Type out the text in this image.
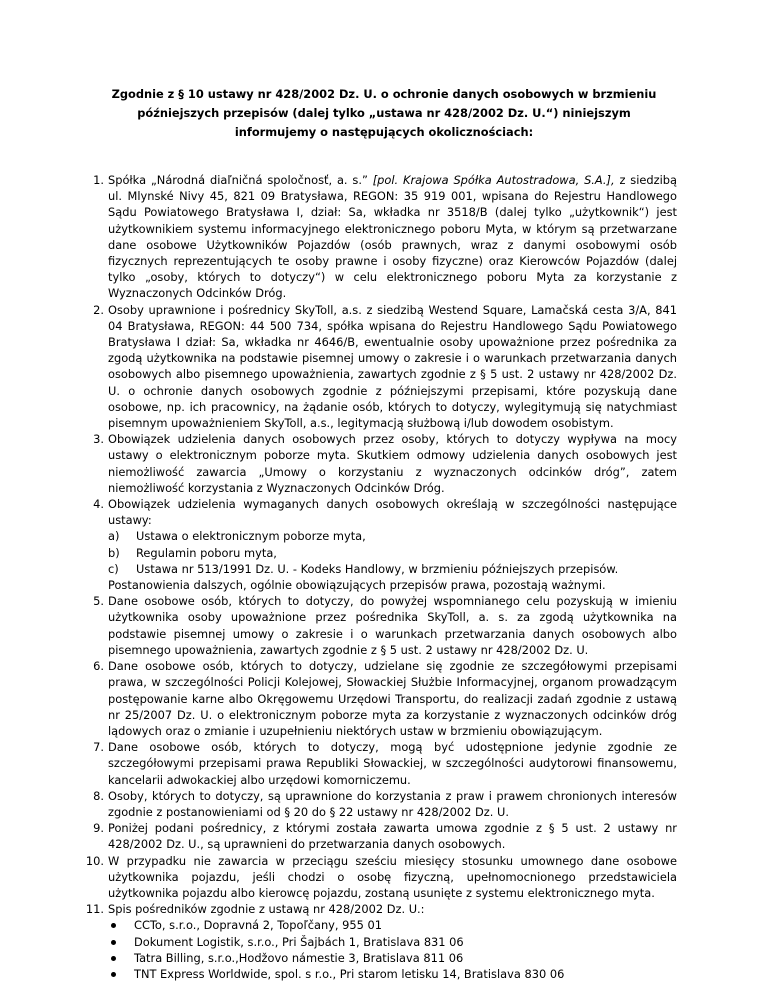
Zgodnie z § 10 ustawy nr 428/2002 Dz. U. o ochronie danych osobowych w brzmieniu

późniejszych przepisów (dalej tylko „ustawa nr 428/2002 Dz. U.“) niniejszym

informujemy o następujących okolicznościach:

1. Spółka „Národná diaľničná spoločnosť, a. s.” [pol. Krajowa Spółka Autostradowa, S.A.], z siedzibą ul. Mlynské Nivy 45, 821 09 Bratysława, REGON: 35 919 001, wpisana do Rejestru Handlowego Sądu Powiatowego Bratysława I, dział: Sa, wkładka nr 3518/B (dalej tylko „użytkownik“) jest użytkownikiem systemu informacyjnego elektronicznego poboru Myta, w którym są przetwarzane dane osobowe Użytkowników Pojazdów (osób prawnych, wraz z danymi osobowymi osób fizycznych reprezentujących te osoby prawne i osoby fizyczne) oraz Kierowców Pojazdów (dalej tylko „osoby, których to dotyczy“) w celu elektronicznego poboru Myta za korzystanie z Wyznaczonych Odcinków Dróg.
2. Osoby uprawnione i pośrednicy SkyToll, a.s. z siedzibą Westend Square, Lamačská cesta 3/A, 841 04 Bratysława, REGON: 44 500 734, spółka wpisana do Rejestru Handlowego Sądu Powiatowego Bratysława I dział: Sa, wkładka nr 4646/B, ewentualnie osoby upoważnione przez pośrednika za zgodą użytkownika na podstawie pisemnej umowy o zakresie i o warunkach przetwarzania danych osobowych albo pisemnego upoważnienia, zawartych zgodnie z § 5 ust. 2 ustawy nr 428/2002 Dz. U. o ochronie danych osobowych zgodnie z późniejszymi przepisami, które pozyskują dane osobowe, np. ich pracownicy, na żądanie osób, których to dotyczy, wylegitymują się natychmiast pisemnym upoważnieniem SkyToll, a.s., legitymacją służbową i/lub dowodem osobistym.
3. Obowiązek udzielenia danych osobowych przez osoby, których to dotyczy wypływa na mocy ustawy o elektronicznym poborze myta. Skutkiem odmowy udzielenia danych osobowych jest niemożliwość zawarcia „Umowy o korzystaniu z wyznaczonych odcinków dróg”, zatem niemożliwość korzystania z Wyznaczonych Odcinków Dróg.
4. Obowiązek udzielenia wymaganych danych osobowych określają w szczególności następujące ustawy:
a)	Ustawa o elektronicznym poborze myta,
b)	Regulamin poboru myta,
c)	Ustawa nr 513/1991 Dz. U. - Kodeks Handlowy, w brzmieniu późniejszych przepisów.
Postanowienia dalszych, ogólnie obowiązujących przepisów prawa, pozostają ważnymi.
5. Dane osobowe osób, których to dotyczy, do powyżej wspomnianego celu pozyskują w imieniu użytkownika osoby upoważnione przez pośrednika SkyToll, a. s. za zgodą użytkownika na podstawie pisemnej umowy o zakresie i o warunkach przetwarzania danych osobowych albo pisemnego upoważnienia, zawartych zgodnie z § 5 ust. 2 ustawy nr 428/2002 Dz. U.
6. Dane osobowe osób, których to dotyczy, udzielane się zgodnie ze szczegółowymi przepisami prawa, w szczególności Policji Kolejowej, Słowackiej Służbie Informacyjnej, organom prowadzącym postępowanie karne albo Okręgowemu Urzędowi Transportu, do realizacji zadań zgodnie z ustawą nr 25/2007 Dz. U. o elektronicznym poborze myta za korzystanie z wyznaczonych odcinków dróg lądowych oraz o zmianie i uzupełnieniu niektórych ustaw w brzmieniu obowiązującym.
7. Dane osobowe osób, których to dotyczy, mogą być udostępnione jedynie zgodnie ze szczegółowymi przepisami prawa Republiki Słowackiej, w szczególności audytorowi finansowemu, kancelarii adwokackiej albo urzędowi komorniczemu.
8. Osoby, których to dotyczy, są uprawnione do korzystania z praw i prawem chronionych interesów zgodnie z postanowieniami od § 20 do § 22 ustawy nr 428/2002 Dz. U.
9. Poniżej podani pośrednicy, z którymi została zawarta umowa zgodnie z § 5 ust. 2 ustawy nr 428/2002 Dz. U., są uprawnieni do przetwarzania danych osobowych.
10. W przypadku nie zawarcia w przeciągu sześciu miesięcy stosunku umownego dane osobowe użytkownika pojazdu, jeśli chodzi o osobę fizyczną, upełnomocnionego przedstawiciela użytkownika pojazdu albo kierowcę pojazdu, zostaną usunięte z systemu elektronicznego myta.
11. Spis pośredników zgodnie z ustawą nr 428/2002 Dz. U.:
CCTo, s.r.o., Dopravná 2, Topoľčany, 955 01
Dokument Logistik, s.r.o., Pri Šajbách 1, Bratislava 831 06
Tatra Billing, s.r.o.,Hodžovo námestie 3, Bratislava 811 06
TNT Express Worldwide, spol. s r.o., Pri starom letisku 14, Bratislava 830 06
